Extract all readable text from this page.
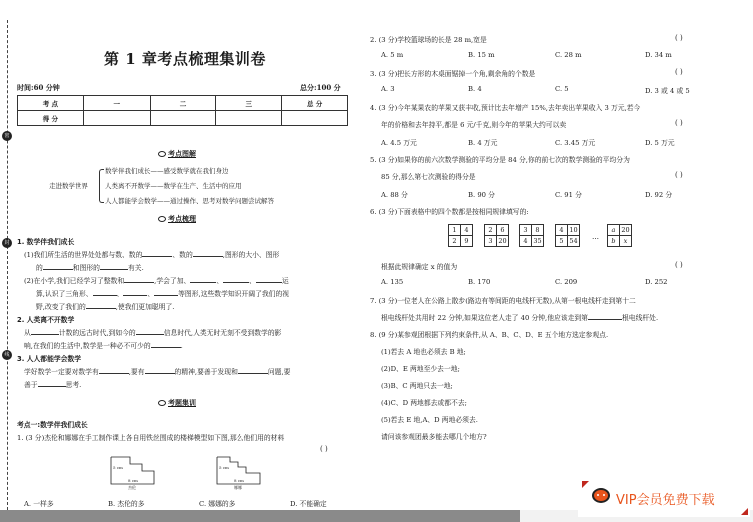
密
封
线
第 1 章考点梳理集训卷
时间:60 分钟	总分:100 分
考 点	一	二	三	总 分
得 分				
考点图解
走进数学世界
数学伴我们成长——感受数学就在我们身边
人类离不开数学——数学在生产、生活中的应用
人人都能学会数学——通过操作、思考对数学问题尝试解答
考点梳理
1. 数学伴我们成长
(1)我们所生活的世界处处都与数、数的	、数的	,图形的大小、图形
的	和图形的	有关.
(2)在小学,我们已经学习了整数和	,学会了加、	、	、	运
算,认识了三角形、	、	、	等图形,这些数学知识开阔了我们的视
野,改变了我们的	,使我们更加聪明了.
2. 人类离不开数学
从	计数的远古时代,到如今的	信息时代,人类无时无刻不受到数学的影
响,在我们的生活中,数学是一种必不可少的	.
3. 人人都能学会数学
学好数学一定要对数学有	,要有	的精神,要善于发现和	问题,要
善于	思考.
考题集训
考点一:数学伴我们成长
1. (3 分)杰伦和娜娜在手工制作课上各自用铁丝围成的楼梯模型如下图,那么他们用的材料
( )
5 cm
8 cm
杰伦
5 cm
8 cm
娜娜
A. 一样多	B. 杰伦的多	C. 娜娜的多	D. 不能确定
2. (3 分)学校篮球场的长是 28 m,宽是	( )
A. 5 m	B. 15 m	C. 28 m	D. 34 m
3. (3 分)把长方形的木桌面锯掉一个角,剩余角的个数是	( )
A. 3	B. 4	C. 5	D. 3 或 4 或 5
4. (3 分)今年某果农的苹果又获丰收,预计比去年增产 15%,去年卖出苹果收入 3 万元,若今
年的价格和去年持平,都是 6 元/千克,则今年的苹果大约可以卖	( )
A. 4.5 万元	B. 4 万元	C. 3.45 万元	D. 5 万元
5. (3 分)如果你的前六次数学测验的平均分是 84 分,你的前七次的数学测验的平均分为
85 分,那么第七次测验的得分是	( )
A. 88 分	B. 90 分	C. 91 分	D. 92 分
6. (3 分)下面表格中的四个数都是按相同规律填写的:
1	4
2	9
2	6
3	20
3	8
4	35
4	10
5	54 …
a	20
b	x
根据此规律确定 x 的值为	( )
A. 135	B. 170	C. 209	D. 252
7. (3 分)一位老人在公路上散步(路边有等间距的电线杆无数),从第一根电线杆走到第十二
根电线杆处共用时 22 分钟,如果这位老人走了 40 分钟,他应该走到第	根电线杆处.
8. (9 分)某参观团根据下列约束条件,从 A、B、C、D、E 五个地方选定参观点.
(1)若去 A 地也必须去 B 地;
(2)D、E 两地至少去一地;
(3)B、C 两地只去一地;
(4)C、D 两地都去或都不去;
(5)若去 E 地,A、D 两地必须去.
请问该参观团最多能去哪几个地方?
VIP会员免费下载
